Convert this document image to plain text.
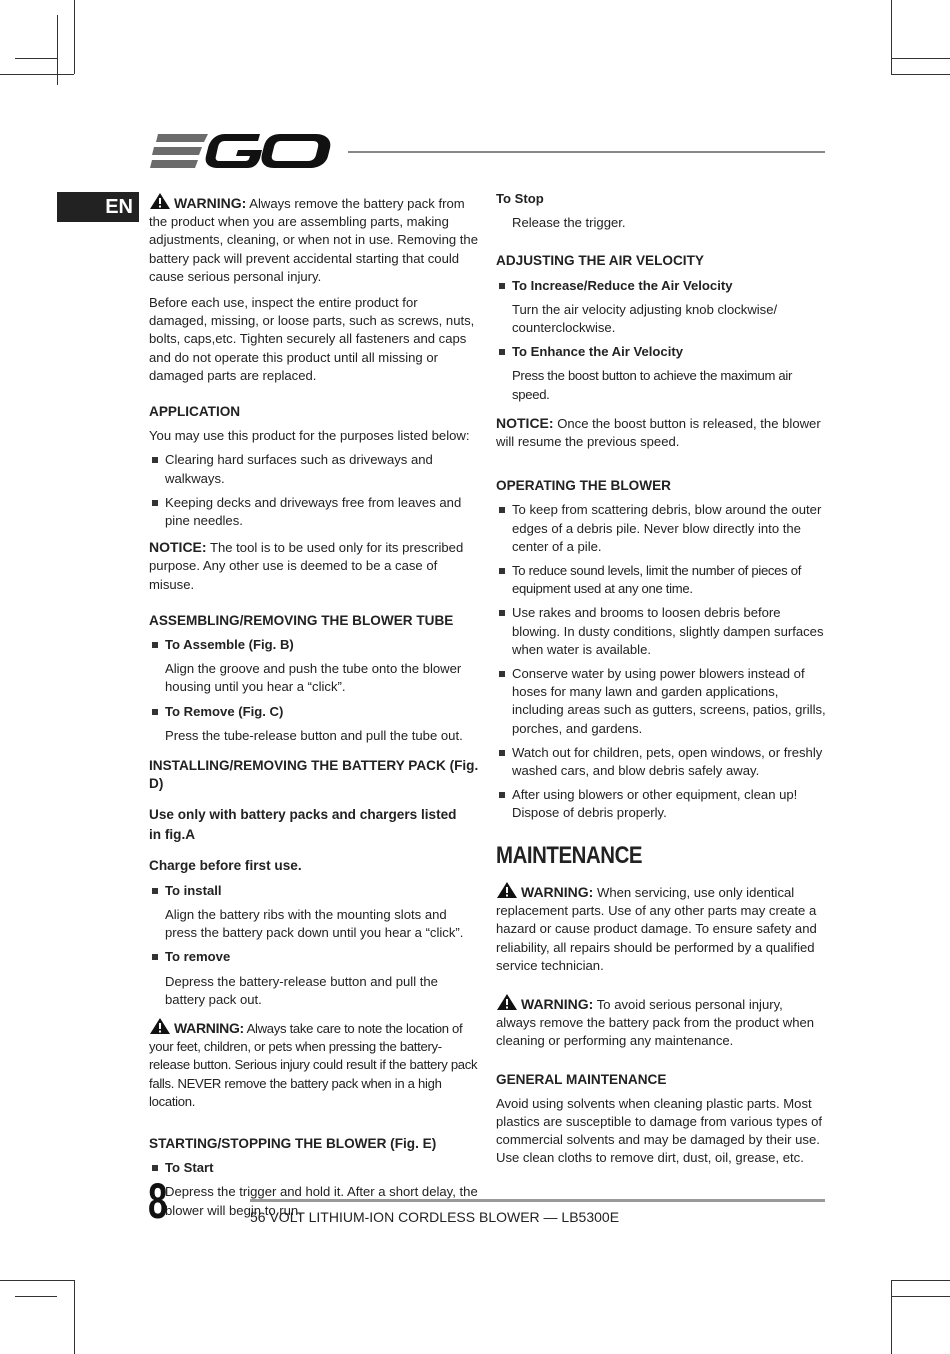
EN	WARNING: Always remove the battery pack from the product when you are assembling parts, making adjustments, cleaning, or when not in use. Removing the battery pack will prevent accidental starting that could cause serious personal injury.

Before each use, inspect the entire product for damaged, missing, or loose parts, such as screws, nuts, bolts, caps,etc. Tighten securely all fasteners and caps and do not operate this product until all missing or damaged parts are replaced.

APPLICATION

You may use this product for the purposes listed below:

Clearing hard surfaces such as driveways and walkways.
Keeping decks and driveways free from leaves and pine needles.

NOTICE: The tool is to be used only for its prescribed purpose. Any other use is deemed to be a case of misuse.

ASSEMBLING/REMOVING THE BLOWER TUBE
To Assemble (Fig. B)

Align the groove and push the tube onto the blower housing until you hear a “click”.

To Remove (Fig. C)

Press the tube-release button and pull the tube out.

INSTALLING/REMOVING THE BATTERY PACK (Fig. D)
Use only with battery packs and chargers listed in fig.A
Charge before first use.
To install

Align the battery ribs with the mounting slots and press the battery pack down until you hear a “click”.

To remove

Depress the battery-release button and pull the battery pack out.

WARNING: Always take care to note the location of your feet, children, or pets when pressing the battery-release button. Serious injury could result if the battery pack falls. NEVER remove the battery pack when in a high location.

STARTING/STOPPING THE BLOWER (Fig. E)
To Start

Depress the trigger and hold it. After a short delay, the blower will begin to run.

To Stop

Release the trigger.

ADJUSTING THE AIR VELOCITY
To Increase/Reduce the Air Velocity

Turn the air velocity adjusting knob clockwise/ counterclockwise.

To Enhance the Air Velocity

Press the boost button to achieve the maximum air speed.

NOTICE: Once the boost button is released, the blower will resume the previous speed.

OPERATING THE BLOWER
To keep from scattering debris, blow around the outer edges of a debris pile. Never blow directly into the center of a pile.
To reduce sound levels, limit the number of pieces of equipment used at any one time.
Use rakes and brooms to loosen debris before blowing. In dusty conditions, slightly dampen surfaces when water is available.
Conserve water by using power blowers instead of hoses for many lawn and garden applications, including areas such as gutters, screens, patios, grills, porches, and gardens.
Watch out for children, pets, open windows, or freshly washed cars, and blow debris safely away.
After using blowers or other equipment, clean up! Dispose of debris properly.
MAINTENANCE

WARNING: When servicing, use only identical replacement parts. Use of any other parts may create a hazard or cause product damage. To ensure safety and reliability, all repairs should be performed by a qualified service technician.

WARNING: To avoid serious personal injury, always remove the battery pack from the product when cleaning or performing any maintenance.

GENERAL MAINTENANCE

Avoid using solvents when cleaning plastic parts. Most plastics are susceptible to damage from various types of commercial solvents and may be damaged by their use. Use clean cloths to remove dirt, dust, oil, grease, etc.

8	56 VOLT LITHIUM-ION CORDLESS BLOWER — LB5300E
